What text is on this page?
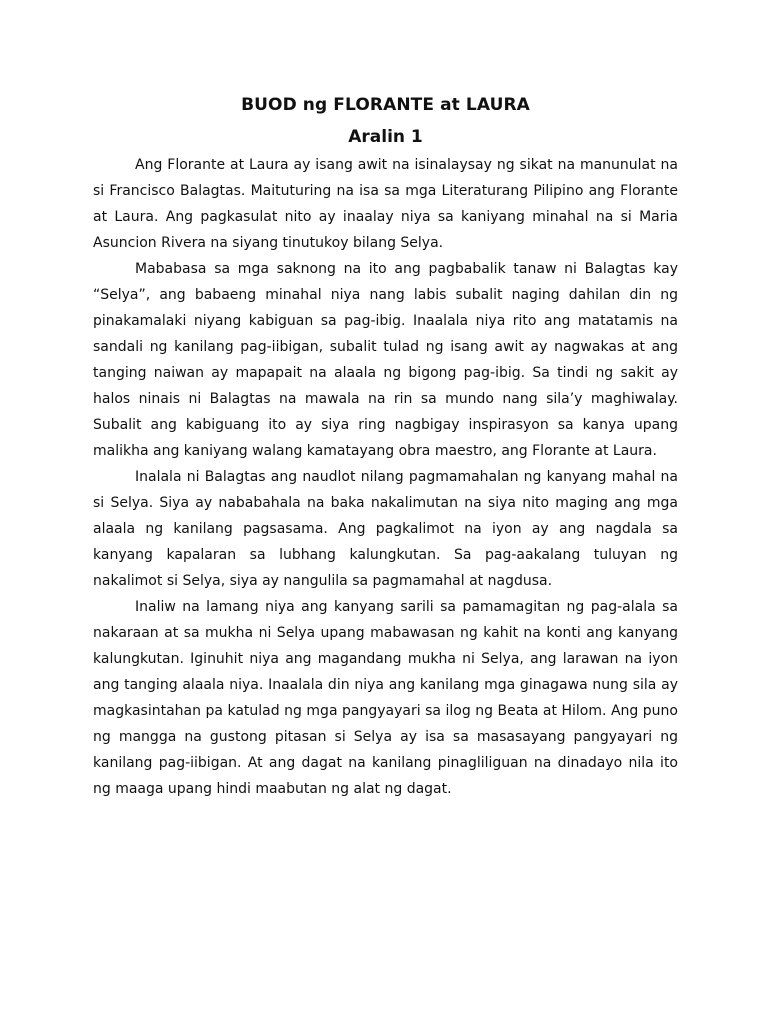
BUOD ng FLORANTE at LAURA
Aralin 1

Ang Florante at Laura ay isang awit na isinalaysay ng sikat na manunulat na si Francisco Balagtas. Maituturing na isa sa mga Literaturang Pilipino ang Florante at Laura. Ang pagkasulat nito ay inaalay niya sa kaniyang minahal na si Maria Asuncion Rivera na siyang tinutukoy bilang Selya.

Mababasa sa mga saknong na ito ang pagbabalik tanaw ni Balagtas kay “Selya”, ang babaeng minahal niya nang labis subalit naging dahilan din ng pinakamalaki niyang kabiguan sa pag-ibig. Inaalala niya rito ang matatamis na sandali ng kanilang pag-iibigan, subalit tulad ng isang awit ay nagwakas at ang tanging naiwan ay mapapait na alaala ng bigong pag-ibig. Sa tindi ng sakit ay halos ninais ni Balagtas na mawala na rin sa mundo nang sila’y maghiwalay. Subalit ang kabiguang ito ay siya ring nagbigay inspirasyon sa kanya upang malikha ang kaniyang walang kamatayang obra maestro, ang Florante at Laura.

Inalala ni Balagtas ang naudlot nilang pagmamahalan ng kanyang mahal na si Selya. Siya ay nababahala na baka nakalimutan na siya nito maging ang mga alaala ng kanilang pagsasama. Ang pagkalimot na iyon ay ang nagdala sa kanyang kapalaran sa lubhang kalungkutan. Sa pag-aakalang tuluyan ng nakalimot si Selya, siya ay nangulila sa pagmamahal at nagdusa.

Inaliw na lamang niya ang kanyang sarili sa pamamagitan ng pag-alala sa nakaraan at sa mukha ni Selya upang mabawasan ng kahit na konti ang kanyang kalungkutan. Iginuhit niya ang magandang mukha ni Selya, ang larawan na iyon ang tanging alaala niya. Inaalala din niya ang kanilang mga ginagawa nung sila ay magkasintahan pa katulad ng mga pangyayari sa ilog ng Beata at Hilom. Ang puno ng mangga na gustong pitasan si Selya ay isa sa masasayang pangyayari ng kanilang pag-iibigan. At ang dagat na kanilang pinagliliguan na dinadayo nila ito ng maaga upang hindi maabutan ng alat ng dagat.
